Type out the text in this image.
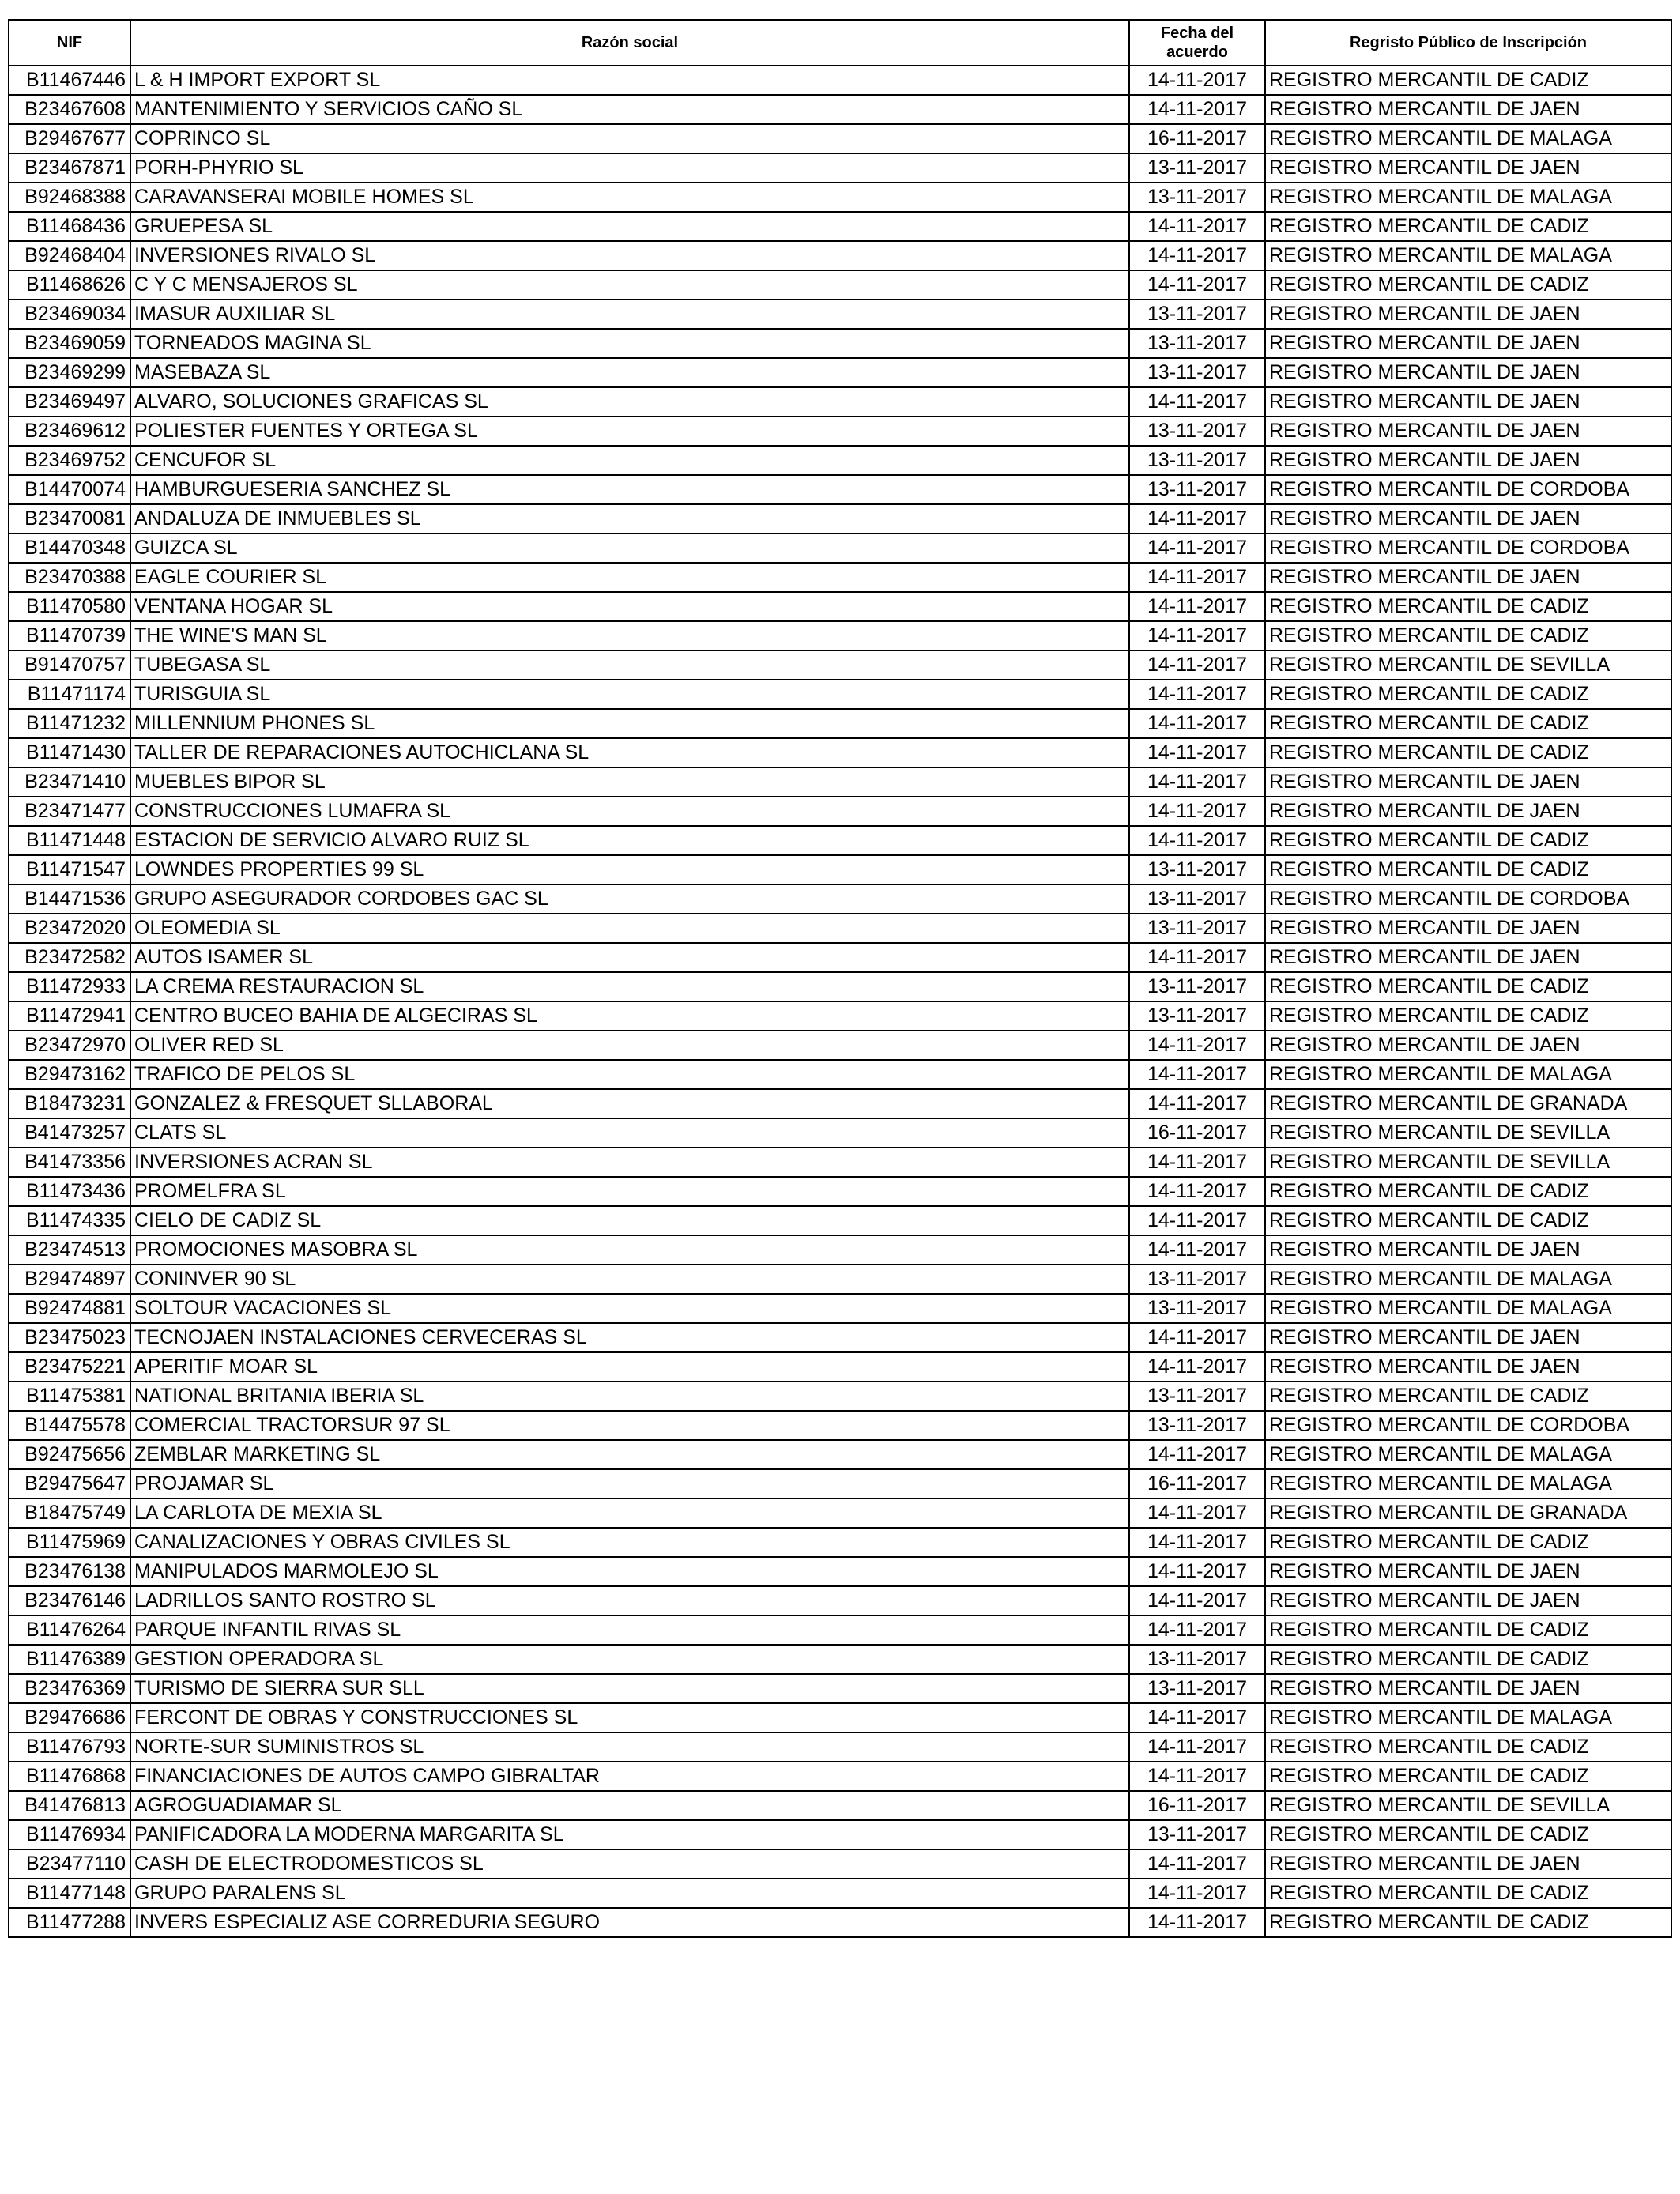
NIF	Razón social	Fecha del acuerdo	Regristo Público de Inscripción
B11467446	L & H IMPORT EXPORT SL	14-11-2017	REGISTRO MERCANTIL DE CADIZ
B23467608	MANTENIMIENTO Y SERVICIOS CAÑO SL	14-11-2017	REGISTRO MERCANTIL DE JAEN
B29467677	COPRINCO SL	16-11-2017	REGISTRO MERCANTIL DE MALAGA
B23467871	PORH-PHYRIO SL	13-11-2017	REGISTRO MERCANTIL DE JAEN
B92468388	CARAVANSERAI MOBILE HOMES SL	13-11-2017	REGISTRO MERCANTIL DE MALAGA
B11468436	GRUEPESA SL	14-11-2017	REGISTRO MERCANTIL DE CADIZ
B92468404	INVERSIONES RIVALO SL	14-11-2017	REGISTRO MERCANTIL DE MALAGA
B11468626	C Y C MENSAJEROS SL	14-11-2017	REGISTRO MERCANTIL DE CADIZ
B23469034	IMASUR AUXILIAR SL	13-11-2017	REGISTRO MERCANTIL DE JAEN
B23469059	TORNEADOS MAGINA SL	13-11-2017	REGISTRO MERCANTIL DE JAEN
B23469299	MASEBAZA SL	13-11-2017	REGISTRO MERCANTIL DE JAEN
B23469497	ALVARO, SOLUCIONES GRAFICAS SL	14-11-2017	REGISTRO MERCANTIL DE JAEN
B23469612	POLIESTER FUENTES Y ORTEGA SL	13-11-2017	REGISTRO MERCANTIL DE JAEN
B23469752	CENCUFOR SL	13-11-2017	REGISTRO MERCANTIL DE JAEN
B14470074	HAMBURGUESERIA SANCHEZ SL	13-11-2017	REGISTRO MERCANTIL DE CORDOBA
B23470081	ANDALUZA DE INMUEBLES SL	14-11-2017	REGISTRO MERCANTIL DE JAEN
B14470348	GUIZCA SL	14-11-2017	REGISTRO MERCANTIL DE CORDOBA
B23470388	EAGLE COURIER SL	14-11-2017	REGISTRO MERCANTIL DE JAEN
B11470580	VENTANA HOGAR SL	14-11-2017	REGISTRO MERCANTIL DE CADIZ
B11470739	THE WINE'S MAN SL	14-11-2017	REGISTRO MERCANTIL DE CADIZ
B91470757	TUBEGASA SL	14-11-2017	REGISTRO MERCANTIL DE SEVILLA
B11471174	TURISGUIA SL	14-11-2017	REGISTRO MERCANTIL DE CADIZ
B11471232	MILLENNIUM PHONES SL	14-11-2017	REGISTRO MERCANTIL DE CADIZ
B11471430	TALLER DE REPARACIONES AUTOCHICLANA SL	14-11-2017	REGISTRO MERCANTIL DE CADIZ
B23471410	MUEBLES BIPOR SL	14-11-2017	REGISTRO MERCANTIL DE JAEN
B23471477	CONSTRUCCIONES LUMAFRA SL	14-11-2017	REGISTRO MERCANTIL DE JAEN
B11471448	ESTACION DE SERVICIO ALVARO RUIZ SL	14-11-2017	REGISTRO MERCANTIL DE CADIZ
B11471547	LOWNDES PROPERTIES 99 SL	13-11-2017	REGISTRO MERCANTIL DE CADIZ
B14471536	GRUPO ASEGURADOR CORDOBES GAC SL	13-11-2017	REGISTRO MERCANTIL DE CORDOBA
B23472020	OLEOMEDIA SL	13-11-2017	REGISTRO MERCANTIL DE JAEN
B23472582	AUTOS ISAMER SL	14-11-2017	REGISTRO MERCANTIL DE JAEN
B11472933	LA CREMA RESTAURACION SL	13-11-2017	REGISTRO MERCANTIL DE CADIZ
B11472941	CENTRO BUCEO BAHIA DE ALGECIRAS SL	13-11-2017	REGISTRO MERCANTIL DE CADIZ
B23472970	OLIVER RED SL	14-11-2017	REGISTRO MERCANTIL DE JAEN
B29473162	TRAFICO DE PELOS SL	14-11-2017	REGISTRO MERCANTIL DE MALAGA
B18473231	GONZALEZ & FRESQUET SLLABORAL	14-11-2017	REGISTRO MERCANTIL DE GRANADA
B41473257	CLATS SL	16-11-2017	REGISTRO MERCANTIL DE SEVILLA
B41473356	INVERSIONES ACRAN SL	14-11-2017	REGISTRO MERCANTIL DE SEVILLA
B11473436	PROMELFRA SL	14-11-2017	REGISTRO MERCANTIL DE CADIZ
B11474335	CIELO DE CADIZ SL	14-11-2017	REGISTRO MERCANTIL DE CADIZ
B23474513	PROMOCIONES MASOBRA SL	14-11-2017	REGISTRO MERCANTIL DE JAEN
B29474897	CONINVER 90 SL	13-11-2017	REGISTRO MERCANTIL DE MALAGA
B92474881	SOLTOUR VACACIONES SL	13-11-2017	REGISTRO MERCANTIL DE MALAGA
B23475023	TECNOJAEN INSTALACIONES CERVECERAS SL	14-11-2017	REGISTRO MERCANTIL DE JAEN
B23475221	APERITIF MOAR SL	14-11-2017	REGISTRO MERCANTIL DE JAEN
B11475381	NATIONAL BRITANIA IBERIA SL	13-11-2017	REGISTRO MERCANTIL DE CADIZ
B14475578	COMERCIAL TRACTORSUR 97 SL	13-11-2017	REGISTRO MERCANTIL DE CORDOBA
B92475656	ZEMBLAR MARKETING SL	14-11-2017	REGISTRO MERCANTIL DE MALAGA
B29475647	PROJAMAR SL	16-11-2017	REGISTRO MERCANTIL DE MALAGA
B18475749	LA CARLOTA DE MEXIA SL	14-11-2017	REGISTRO MERCANTIL DE GRANADA
B11475969	CANALIZACIONES Y OBRAS CIVILES SL	14-11-2017	REGISTRO MERCANTIL DE CADIZ
B23476138	MANIPULADOS MARMOLEJO SL	14-11-2017	REGISTRO MERCANTIL DE JAEN
B23476146	LADRILLOS SANTO ROSTRO SL	14-11-2017	REGISTRO MERCANTIL DE JAEN
B11476264	PARQUE INFANTIL RIVAS SL	14-11-2017	REGISTRO MERCANTIL DE CADIZ
B11476389	GESTION OPERADORA SL	13-11-2017	REGISTRO MERCANTIL DE CADIZ
B23476369	TURISMO DE SIERRA SUR SLL	13-11-2017	REGISTRO MERCANTIL DE JAEN
B29476686	FERCONT DE OBRAS Y CONSTRUCCIONES SL	14-11-2017	REGISTRO MERCANTIL DE MALAGA
B11476793	NORTE-SUR SUMINISTROS SL	14-11-2017	REGISTRO MERCANTIL DE CADIZ
B11476868	FINANCIACIONES DE AUTOS CAMPO GIBRALTAR	14-11-2017	REGISTRO MERCANTIL DE CADIZ
B41476813	AGROGUADIAMAR SL	16-11-2017	REGISTRO MERCANTIL DE SEVILLA
B11476934	PANIFICADORA LA MODERNA MARGARITA SL	13-11-2017	REGISTRO MERCANTIL DE CADIZ
B23477110	CASH DE ELECTRODOMESTICOS SL	14-11-2017	REGISTRO MERCANTIL DE JAEN
B11477148	GRUPO PARALENS SL	14-11-2017	REGISTRO MERCANTIL DE CADIZ
B11477288	INVERS ESPECIALIZ ASE CORREDURIA SEGURO	14-11-2017	REGISTRO MERCANTIL DE CADIZ
